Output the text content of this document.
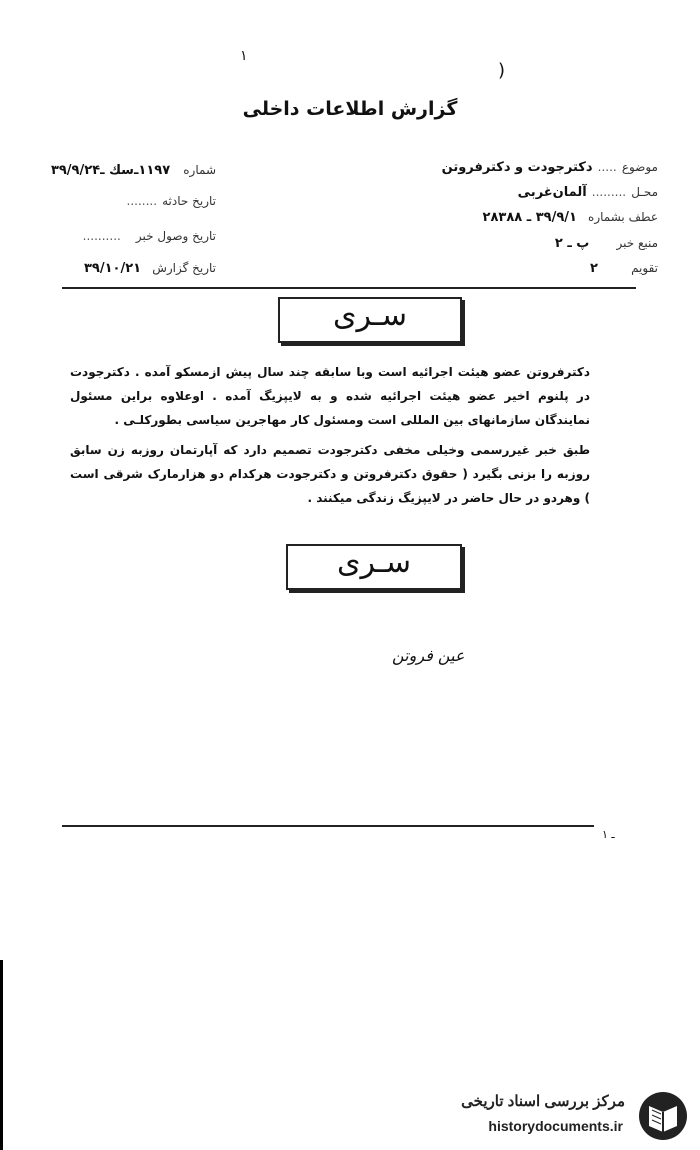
۱
)
گزارش اطلاعات داخلی
موضوع ..... دکترجودت و دکترفروتن
محـل ......... آلمان‌غربی
عطف بشماره ۳۹/۹/۱ ـ ۲۸۳۸۸
منبع خبر پ ـ ۲
تقویم ۲
شماره ۱۱۹۷ـ‌سك ـ‌۳۹/۹/۲۴
تاریخ حادثه ........
تاریخ وصول خبر ..........
تاریخ گزارش ۳۹/۱۰/۲۱
سـری
دکترفروتن عضو هیئت اجرائیه است وبا سابقه چند سال پیش ازمسکو آمده . دکترجودت در پلنوم اخیر عضو هیئت اجرائیه شده و به لایپزیگ آمده . اوعلاوه براین مسئول نمایندگان سازمانهای بین المللی است ومسئول کار مهاجرین سیاسی بطورکلـی .
طبق خبر غیررسمی وخیلی مخفی دکترجودت تصمیم دارد که آپارتمان روزبه زن سابق روزبه را بزنی بگیرد ( حقوق دکترفروتن و دکترجودت هرکدام دو هزارمارک شرقی است ) وهردو در حال حاضر در لایپزیگ زندگی میکنند .
سـری
عین فروتن
ـ ۱
مرکز بررسی اسناد تاریخی
historydocuments.ir
